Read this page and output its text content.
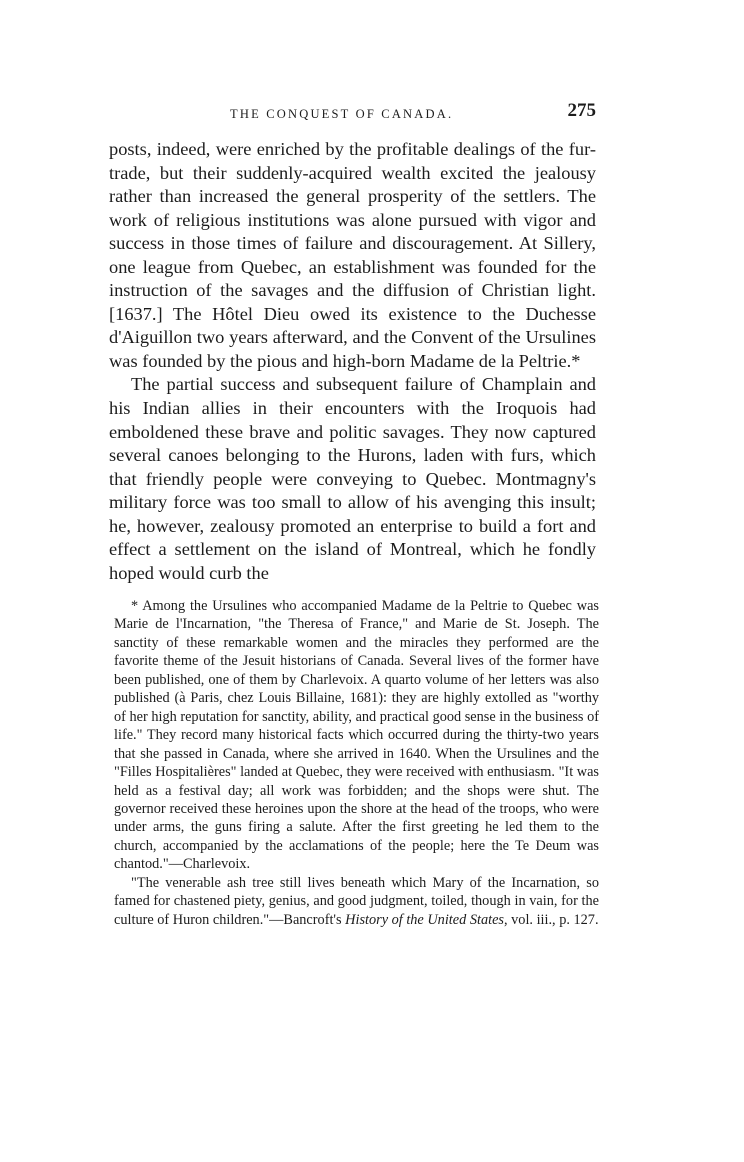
THE CONQUEST OF CANADA.	275

posts, indeed, were enriched by the profitable dealings of the fur-trade, but their suddenly-acquired wealth excited the jealousy rather than increased the general prosperity of the settlers. The work of religious institutions was alone pursued with vigor and success in those times of failure and discouragement. At Sillery, one league from Quebec, an establishment was founded for the instruction of the savages and the diffusion of Christian light. [1637.] The Hôtel Dieu owed its existence to the Duchesse d'Aiguillon two years afterward, and the Convent of the Ursulines was founded by the pious and high-born Madame de la Peltrie.*

The partial success and subsequent failure of Champlain and his Indian allies in their encounters with the Iroquois had emboldened these brave and politic savages. They now captured several canoes belonging to the Hurons, laden with furs, which that friendly people were conveying to Quebec. Montmagny's military force was too small to allow of his avenging this insult; he, however, zealousy promoted an enterprise to build a fort and effect a settlement on the island of Montreal, which he fondly hoped would curb the

* Among the Ursulines who accompanied Madame de la Peltrie to Quebec was Marie de l'Incarnation, "the Theresa of France," and Marie de St. Joseph. The sanctity of these remarkable women and the miracles they performed are the favorite theme of the Jesuit historians of Canada. Several lives of the former have been published, one of them by Charlevoix. A quarto volume of her letters was also published (à Paris, chez Louis Billaine, 1681): they are highly extolled as "worthy of her high reputation for sanctity, ability, and practical good sense in the business of life." They record many historical facts which occurred during the thirty-two years that she passed in Canada, where she arrived in 1640. When the Ursulines and the "Filles Hospitalières" landed at Quebec, they were received with enthusiasm. "It was held as a festival day; all work was forbidden; and the shops were shut. The governor received these heroines upon the shore at the head of the troops, who were under arms, the guns firing a salute. After the first greeting he led them to the church, accompanied by the acclamations of the people; here the Te Deum was chantod."—Charlevoix.

"The venerable ash tree still lives beneath which Mary of the Incarnation, so famed for chastened piety, genius, and good judgment, toiled, though in vain, for the culture of Huron children."—Bancroft's History of the United States, vol. iii., p. 127.
